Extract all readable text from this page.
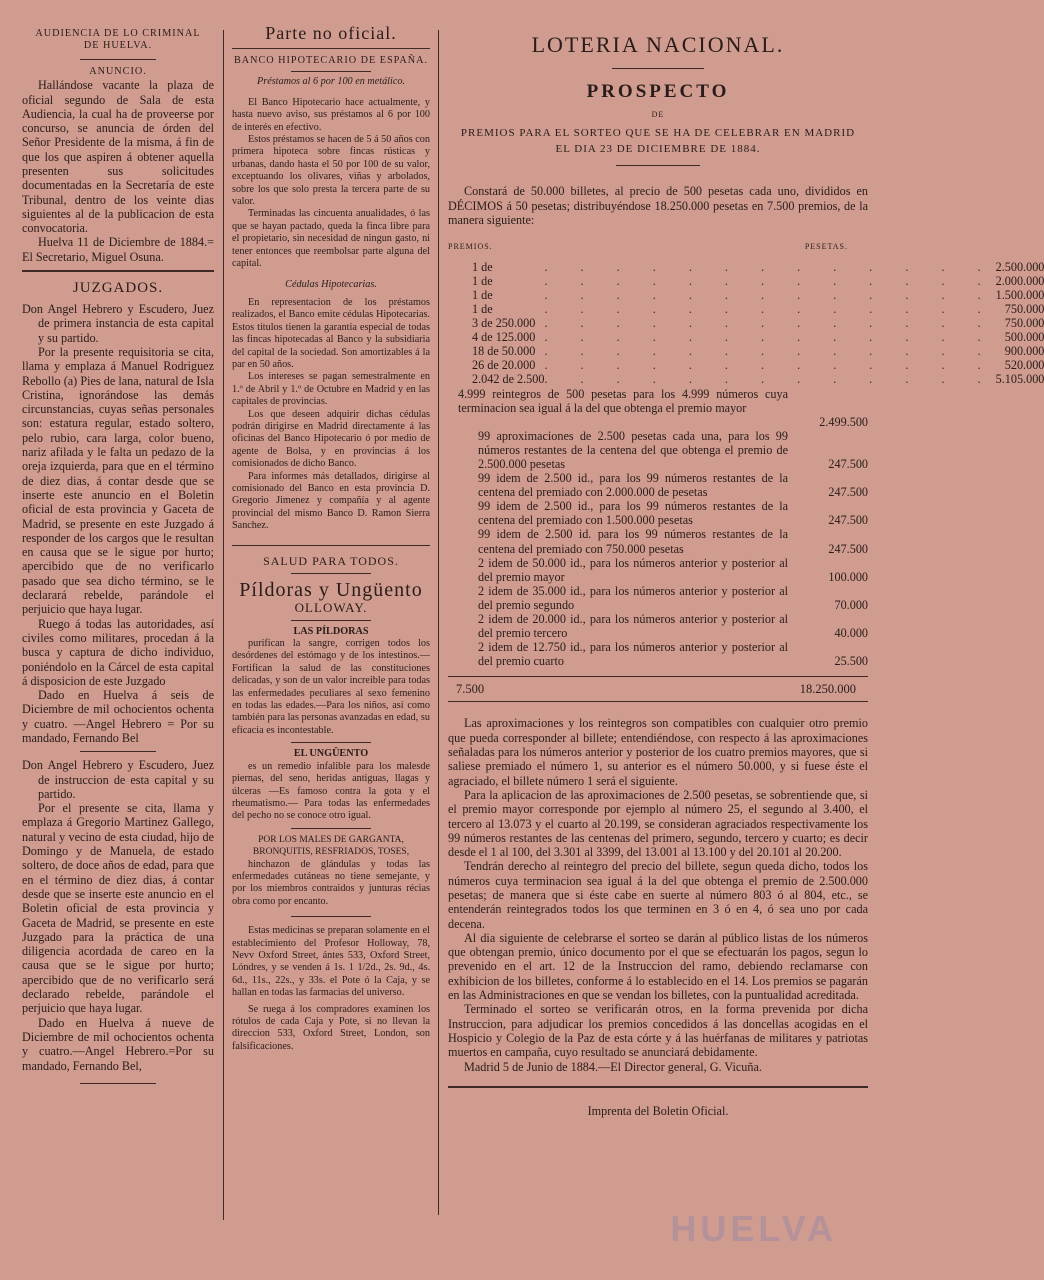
AUDIENCIA DE LO CRIMINAL

DE HUELVA.

ANUNCIO.

Hallándose vacante la plaza de oficial segundo de Sala de esta Audiencia, la cual ha de proveerse por concurso, se anuncia de órden del Señor Presidente de la misma, á fin de que los que aspiren á obtener aquella presenten sus solicitudes documentadas en la Secretaría de este Tribunal, dentro de los veinte dias siguientes al de la publicacion de esta convocatoria.

Huelva 11 de Diciembre de 1884.= El Secretario, Miguel Osuna.

JUZGADOS.

Don Angel Hebrero y Escudero, Juez de primera instancia de esta capital y su partido.

Por la presente requisitoria se cita, llama y emplaza á Manuel Rodriguez Rebollo (a) Pies de lana, natural de Isla Cristina, ignorándose las demás circunstancias, cuyas señas personales son: estatura regular, estado soltero, pelo rubio, cara larga, color bueno, nariz afilada y le falta un pedazo de la oreja izquierda, para que en el término de diez dias, á contar desde que se inserte este anuncio en el Boletin oficial de esta provincia y Gaceta de Madrid, se presente en este Juzgado á responder de los cargos que le resultan en causa que se le sigue por hurto; apercibido que de no verificarlo pasado que sea dicho término, se le declarará rebelde, parándole el perjuicio que haya lugar.

Ruego á todas las autoridades, así civiles como militares, procedan á la busca y captura de dicho individuo, poniéndolo en la Cárcel de esta capital á disposicion de este Juzgado

Dado en Huelva á seis de Diciembre de mil ochocientos ochenta y cuatro. —Angel Hebrero = Por su mandado, Fernando Bel

Don Angel Hebrero y Escudero, Juez de instruccion de esta capital y su partido.

Por el presente se cita, llama y emplaza á Gregorio Martinez Gallego, natural y vecino de esta ciudad, hijo de Domingo y de Manuela, de estado soltero, de doce años de edad, para que en el término de diez dias, á contar desde que se inserte este anuncio en el Boletin oficial de esta provincia y Gaceta de Madrid, se presente en este Juzgado para la práctica de una diligencia acordada de careo en la causa que se le sigue por hurto; apercibido que de no verificarlo será declarado rebelde, parándole el perjuicio que haya lugar.

Dado en Huelva á nueve de Diciembre de mil ochocientos ochenta y cuatro.—Angel Hebrero.=Por su mandado, Fernando Bel,

Parte no oficial.

BANCO HIPOTECARIO DE ESPAÑA.

Préstamos al 6 por 100 en metálico.

El Banco Hipotecario hace actualmente, y hasta nuevo aviso, sus préstamos al 6 por 100 de interés en efectivo.

Estos préstamos se hacen de 5 á 50 años con primera hipoteca sobre fincas rústicas y urbanas, dando hasta el 50 por 100 de su valor, exceptuando los olivares, viñas y arbolados, sobre los que solo presta la tercera parte de su valor.

Terminadas las cincuenta anualidades, ó las que se hayan pactado, queda la finca libre para el propietario, sin necesidad de ningun gasto, ni tener entonces que reembolsar parte alguna del capital.

Cédulas Hipotecarias.

En representacion de los préstamos realizados, el Banco emite cédulas Hipotecarias. Estos títulos tienen la garantía especial de todas las fincas hipotecadas al Banco y la subsidiaria del capital de la sociedad. Son amortizables á la par en 50 años.

Los intereses se pagan semestralmente en 1.º de Abril y 1.º de Octubre en Madrid y en las capitales de provincias.

Los que deseen adquirir dichas cédulas podrán dirigirse en Madrid directamente á las oficinas del Banco Hipotecario ó por medio de agente de Bolsa, y en provincias á los comisionados de dicho Banco.

Para informes más detallados, dirigirse al comisionado del Banco en esta provincia D. Gregorio Jimenez y compañía y al agente provincial del mismo Banco D. Ramon Sierra Sanchez.

SALUD PARA TODOS.

Píldoras y Ungüento

OLLOWAY.

LAS PÍLDORAS

purifican la sangre, corrigen todos los desórdenes del estómago y de los intestinos.—Fortifican la salud de las constituciones delicadas, y son de un valor increible para todas las enfermedades peculiares al sexo femenino en todas las edades.—Para los niños, así como también para las personas avanzadas en edad, su eficacia es incontestable.

EL UNGÜENTO

es un remedio infalible para los malesde piernas, del seno, heridas antiguas, llagas y úlceras —Es famoso contra la gota y el rheumatismo.— Para todas las enfermedades del pecho no se conoce otro igual.

POR LOS MALES DE GARGANTA, BRONQUITIS, RESFRIADOS, TOSES,

hinchazon de glándulas y todas las enfermedades cutáneas no tiene semejante, y por los miembros contraidos y junturas récias obra como por encanto.

Estas medicinas se preparan solamente en el establecimiento del Profesor Holloway, 78, Nevv Oxford Street, ántes 533, Oxford Street, Lóndres, y se venden á 1s. 1 1/2d., 2s. 9d., 4s. 6d., 11s., 22s., y 33s. el Pote ó la Caja, y se hallan en todas las farmacias del universo.

Se ruega á los compradores examinen los rótulos de cada Caja y Pote, si no llevan la direccion 533, Oxford Street, London, son falsificaciones.

LOTERIA NACIONAL.

PROSPECTO

DE

PREMIOS PARA EL SORTEO QUE SE HA DE CELEBRAR EN MADRID EL DIA 23 DE DICIEMBRE DE 1884.

Constará de 50.000 billetes, al precio de 500 pesetas cada uno, divididos en DÉCIMOS á 50 pesetas; distribuyéndose 18.250.000 pesetas en 7.500 premios, de la manera siguiente:

PREMIOS.	PESETAS.
1 de	. . . . . . . . . . . . .	2.500.000
1 de	. . . . . . . . . . . . .	2.000.000
1 de	. . . . . . . . . . . . .	1.500.000
1 de	. . . . . . . . . . . . .	750.000
3 de 250.000	. . . . . . . . . . . . .	750.000
4 de 125.000	. . . . . . . . . . . . .	500.000
18 de 50.000	. . . . . . . . . . . . .	900.000
26 de 20.000	. . . . . . . . . . . . .	520.000
2.042 de 2.500	. . . . . . . . . . . . .	5.105.000
4.999 reintegros de 500 pesetas para los 4.999 números cuya terminacion sea igual á la del que obtenga el premio mayor	
	2.499.500
99 aproximaciones de 2.500 pesetas cada una, para los 99 números restantes de la centena del que obtenga el premio de 2.500.000 pesetas	247.500
99 idem de 2.500 id., para los 99 números restantes de la centena del premiado con 2.000.000 de pesetas	247.500
99 idem de 2.500 id., para los 99 números restantes de la centena del premiado con 1.500.000 pesetas	247.500
99 idem de 2.500 id. para los 99 números restantes de la centena del premiado con 750.000 pesetas	247.500
2 idem de 50.000 id., para los números anterior y posterior al del premio mayor	100.000
2 idem de 35.000 id., para los números anterior y posterior al del premio segundo	70.000
2 idem de 20.000 id., para los números anterior y posterior al del premio tercero	40.000
2 idem de 12.750 id., para los números anterior y posterior al del premio cuarto	25.500
7.500	18.250.000

Las aproximaciones y los reintegros son compatibles con cualquier otro premio que pueda corresponder al billete; entendiéndose, con respecto á las aproximaciones señaladas para los números anterior y posterior de los cuatro premios mayores, que si saliese premiado el número 1, su anterior es el número 50.000, y si fuese éste el agraciado, el billete número 1 será el siguiente.

Para la aplicacion de las aproximaciones de 2.500 pesetas, se sobrentiende que, si el premio mayor corresponde por ejemplo al número 25, el segundo al 3.400, el tercero al 13.073 y el cuarto al 20.199, se consideran agraciados respectivamente los 99 números restantes de las centenas del primero, segundo, tercero y cuarto; es decir desde el 1 al 100, del 3.301 al 3399, del 13.001 al 13.100 y del 20.101 al 20.200.

Tendrán derecho al reintegro del precio del billete, segun queda dicho, todos los números cuya terminacion sea igual á la del que obtenga el premio de 2.500.000 pesetas; de manera que si éste cabe en suerte al número 803 ó al 804, etc., se entenderán reintegrados todos los que terminen en 3 ó en 4, ó sea uno por cada decena.

Al dia siguiente de celebrarse el sorteo se darán al público listas de los números que obtengan premio, único documento por el que se efectuarán los pagos, segun lo prevenido en el art. 12 de la Instruccion del ramo, debiendo reclamarse con exhibicion de los billetes, conforme á lo establecido en el 14. Los premios se pagarán en las Administraciones en que se vendan los billetes, con la puntualidad acreditada.

Terminado el sorteo se verificarán otros, en la forma prevenida por dicha Instruccion, para adjudicar los premios concedidos á las doncellas acogidas en el Hospicio y Colegio de la Paz de esta córte y á las huérfanas de militares y patriotas muertos en campaña, cuyo resultado se anunciará debidamente.

Madrid 5 de Junio de 1884.—El Director general, G. Vicuña.

Imprenta del Boletin Oficial.

HUELVA
